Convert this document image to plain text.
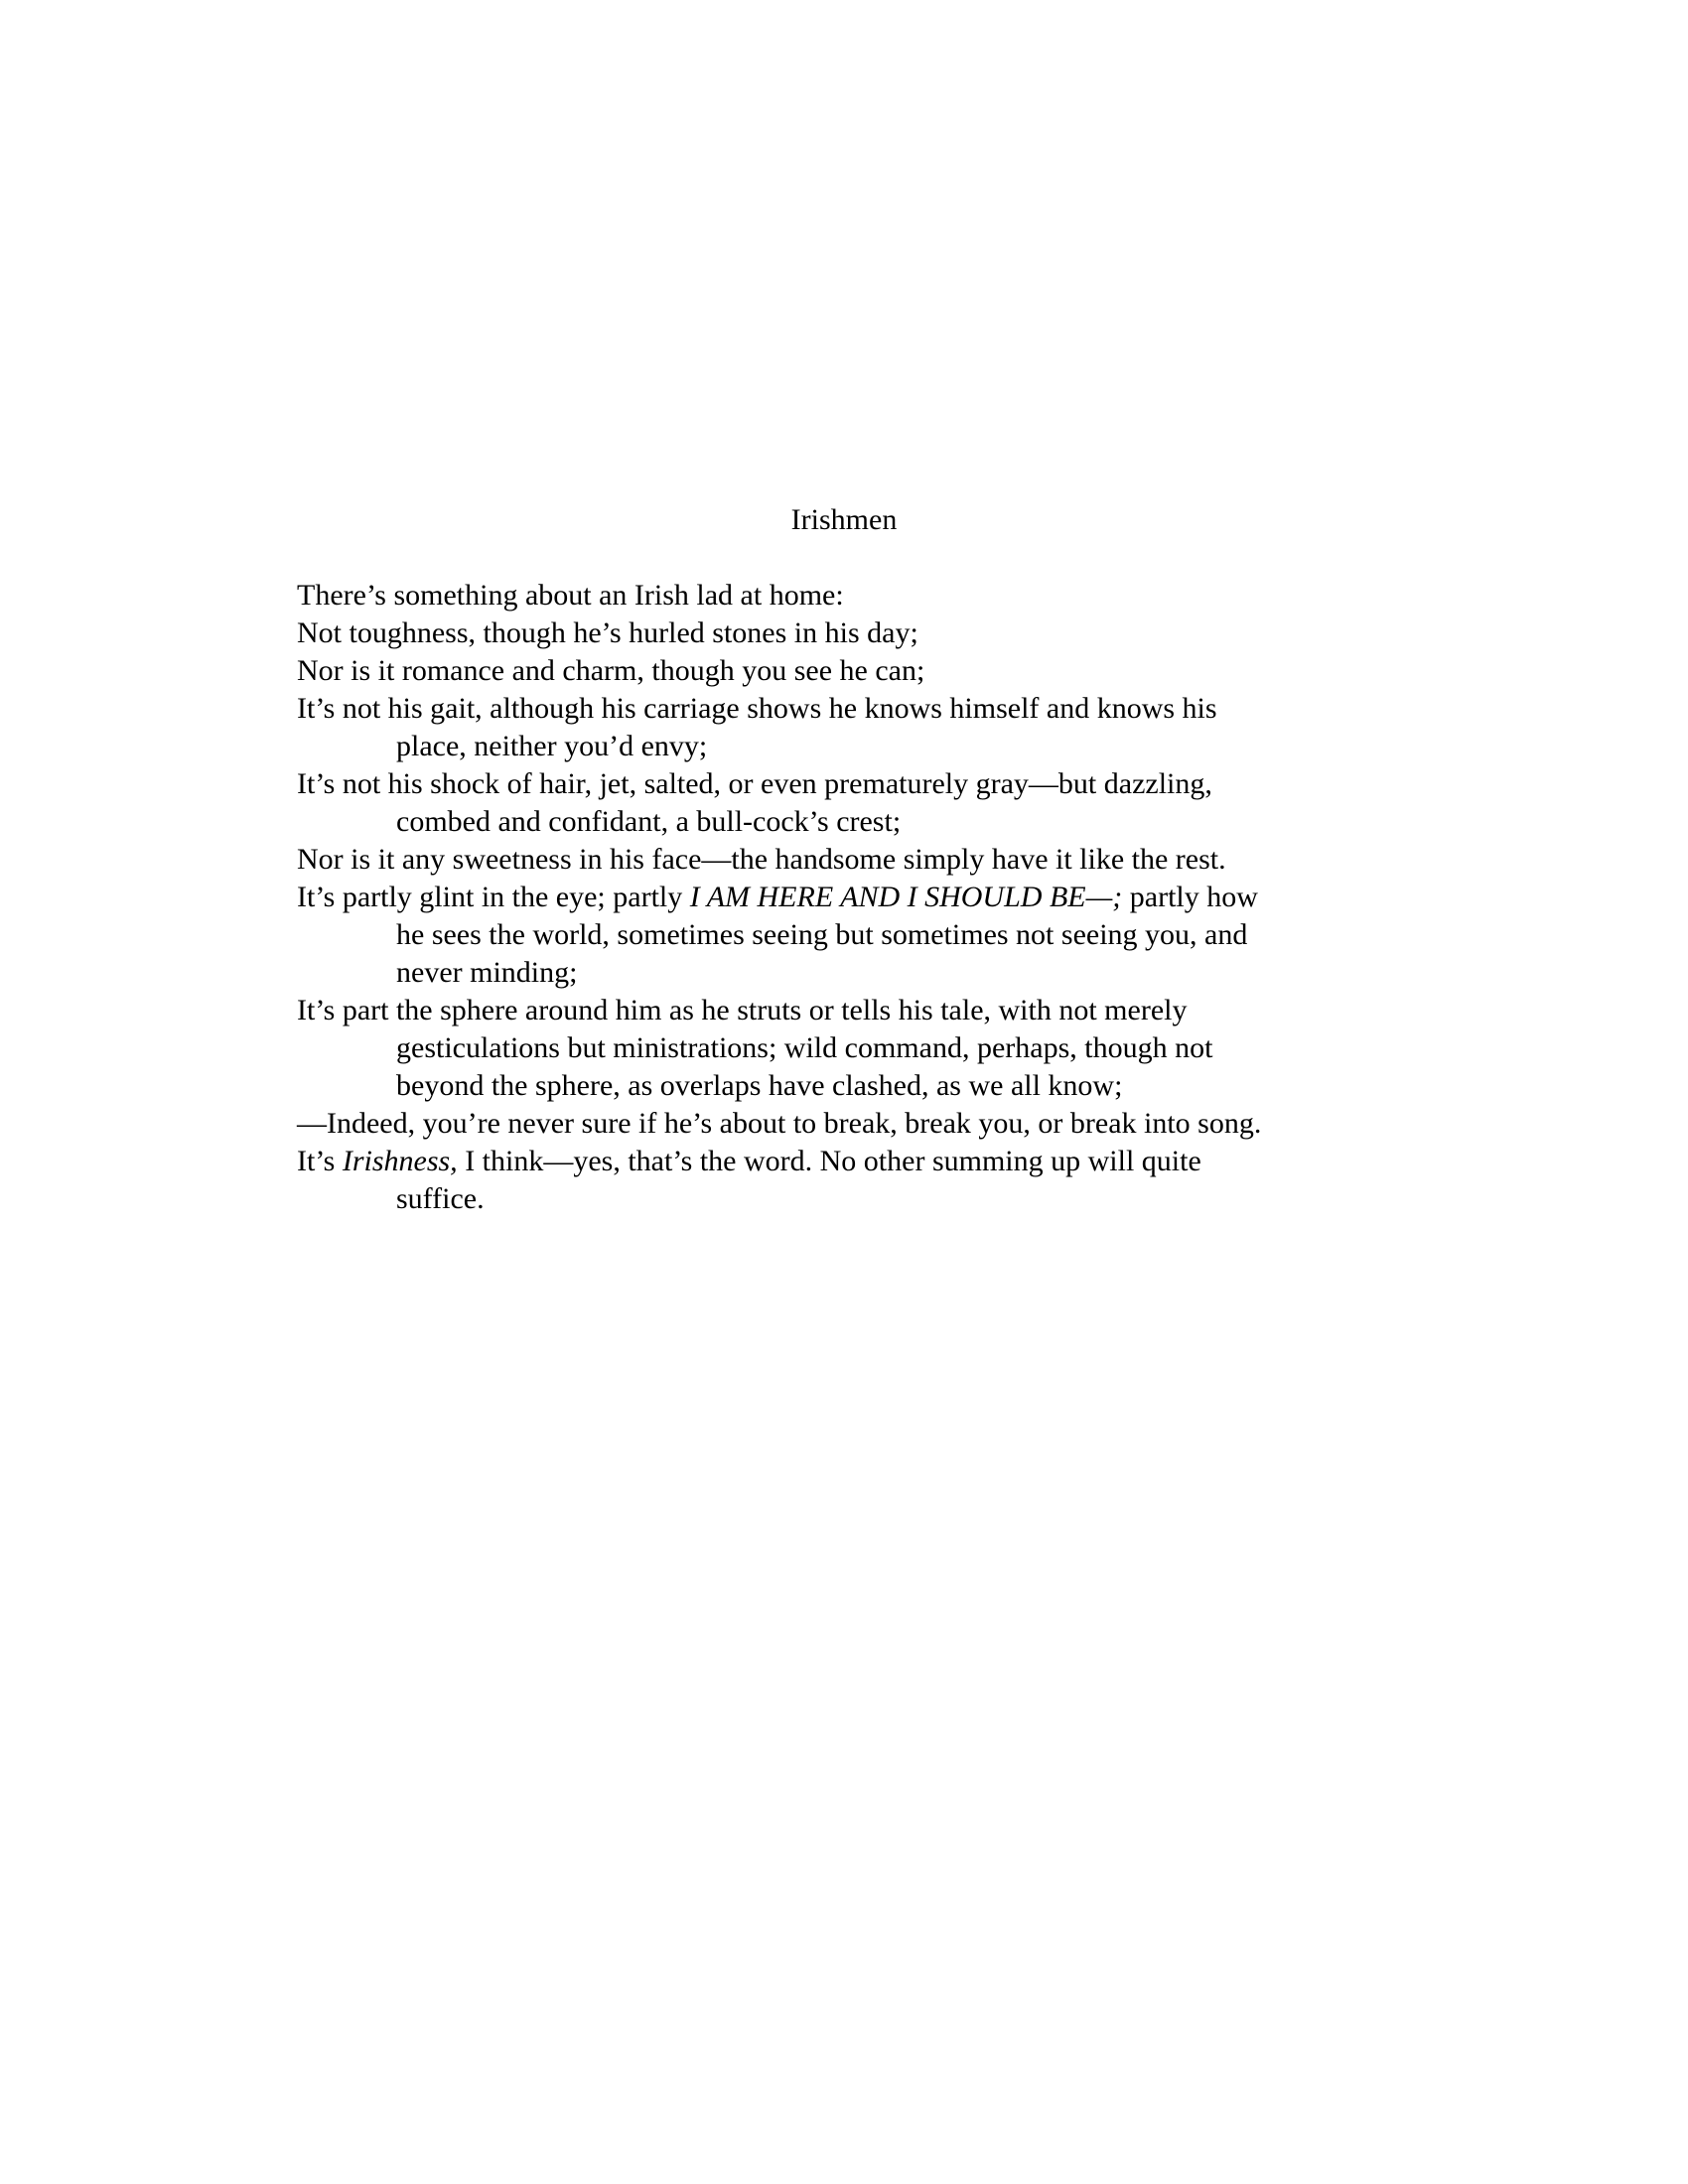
Irishmen
There’s something about an Irish lad at home:
Not toughness, though he’s hurled stones in his day;
Nor is it romance and charm, though you see he can;
It’s not his gait, although his carriage shows he knows himself and knows his
place, neither you’d envy;
It’s not his shock of hair, jet, salted, or even prematurely gray—but dazzling,
combed and confidant, a bull-cock’s crest;
Nor is it any sweetness in his face—the handsome simply have it like the rest.
It’s partly glint in the eye; partly I AM HERE AND I SHOULD BE—; partly how
he sees the world, sometimes seeing but sometimes not seeing you, and
never minding;
It’s part the sphere around him as he struts or tells his tale, with not merely
gesticulations but ministrations; wild command, perhaps, though not
beyond the sphere, as overlaps have clashed, as we all know;
—Indeed, you’re never sure if he’s about to break, break you, or break into song.
It’s Irishness, I think—yes, that’s the word. No other summing up will quite
suffice.
